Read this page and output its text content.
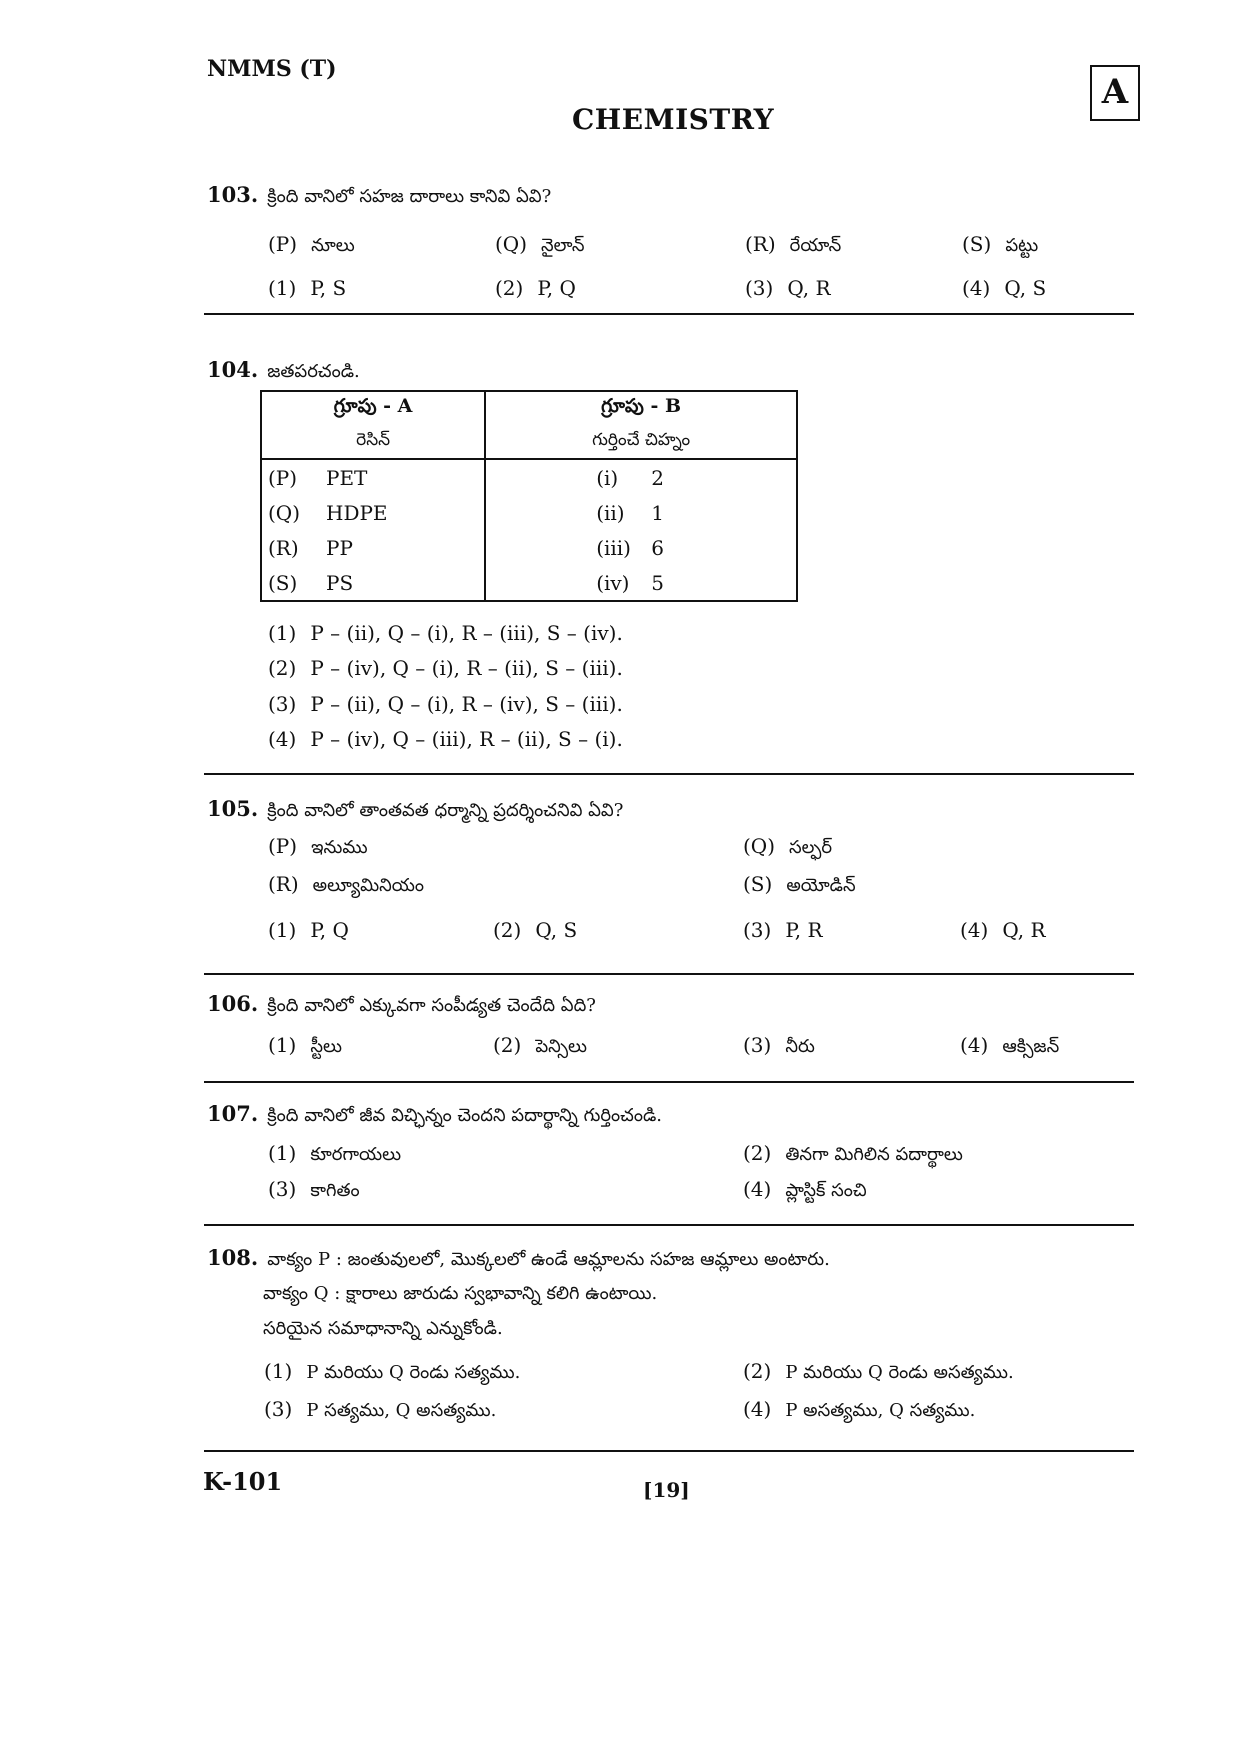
NMMS (T)
A
CHEMISTRY
103. క్రింది వానిలో సహజ దారాలు కానివి ఏవి?
(P) నూలు	(Q) నైలాన్	(R) రేయాన్	(S) పట్టు
(1) P, S	(2) P, Q	(3) Q, R	(4) Q, S
104. జతపరచండి.
గ్రూపు - A	గ్రూపు - B
రెసిన్	గుర్తించే చిహ్నం
(P) PET	(i) 2
(Q) HDPE	(ii) 1
(R) PP	(iii) 6
(S) PS	(iv) 5
(1) P – (ii), Q – (i), R – (iii), S – (iv).
(2) P – (iv), Q – (i), R – (ii), S – (iii).
(3) P – (ii), Q – (i), R – (iv), S – (iii).
(4) P – (iv), Q – (iii), R – (ii), S – (i).
105. క్రింది వానిలో తాంతవత ధర్మాన్ని ప్రదర్శించనివి ఏవి?
(P) ఇనుము	(Q) సల్ఫర్
(R) అల్యూమినియం	(S) అయోడిన్
(1) P, Q	(2) Q, S	(3) P, R	(4) Q, R
106. క్రింది వానిలో ఎక్కువగా సంపీడ్యత చెందేది ఏది?
(1) స్టీలు	(2) పెన్సిలు	(3) నీరు	(4) ఆక్సిజన్
107. క్రింది వానిలో జీవ విచ్ఛిన్నం చెందని పదార్థాన్ని గుర్తించండి.
(1) కూరగాయలు	(2) తినగా మిగిలిన పదార్థాలు
(3) కాగితం	(4) ప్లాస్టిక్ సంచి
108. వాక్యం P : జంతువులలో, మొక్కలలో ఉండే ఆమ్లాలను సహజ ఆమ్లాలు అంటారు.
వాక్యం Q : క్షారాలు జారుడు స్వభావాన్ని కలిగి ఉంటాయి.
సరియైన సమాధానాన్ని ఎన్నుకోండి.
(1) P మరియు Q రెండు సత్యము.	(2) P మరియు Q రెండు అసత్యము.
(3) P సత్యము, Q అసత్యము.	(4) P అసత్యము, Q సత్యము.
K-101	[19]
